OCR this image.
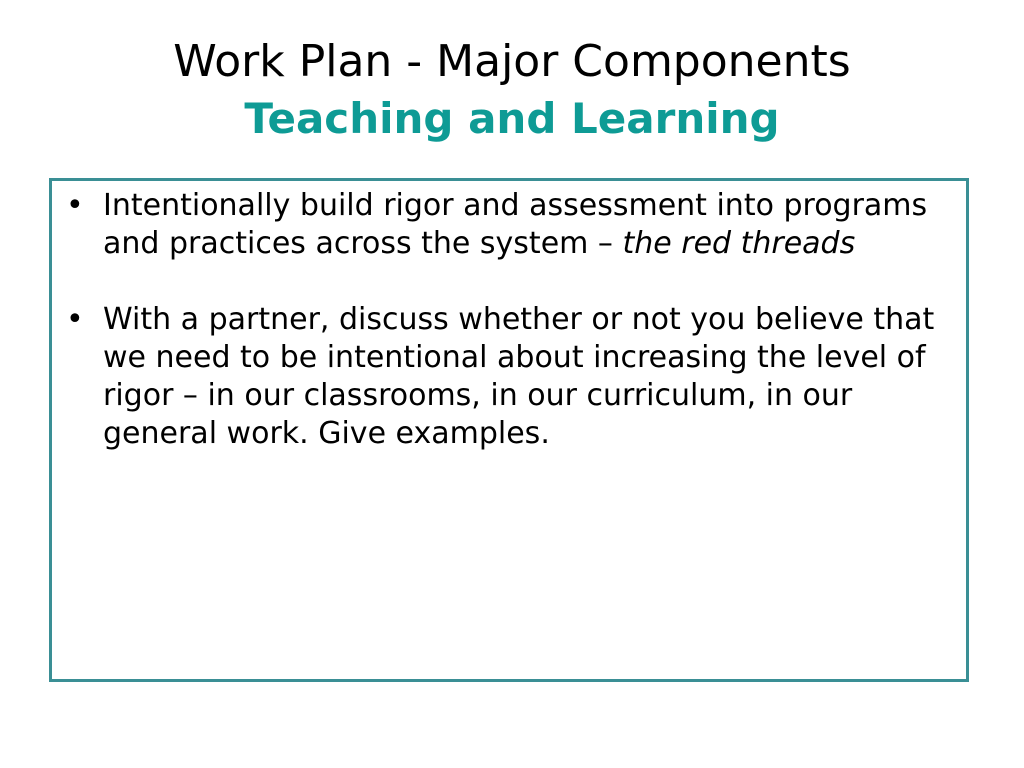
Work Plan - Major Components
Teaching and Learning
• Intentionally build rigor and assessment into programs and practices across the system – the red threads
• With a partner, discuss whether or not you believe that we need to be intentional about increasing the level of rigor – in our classrooms, in our curriculum, in our general work. Give examples.
